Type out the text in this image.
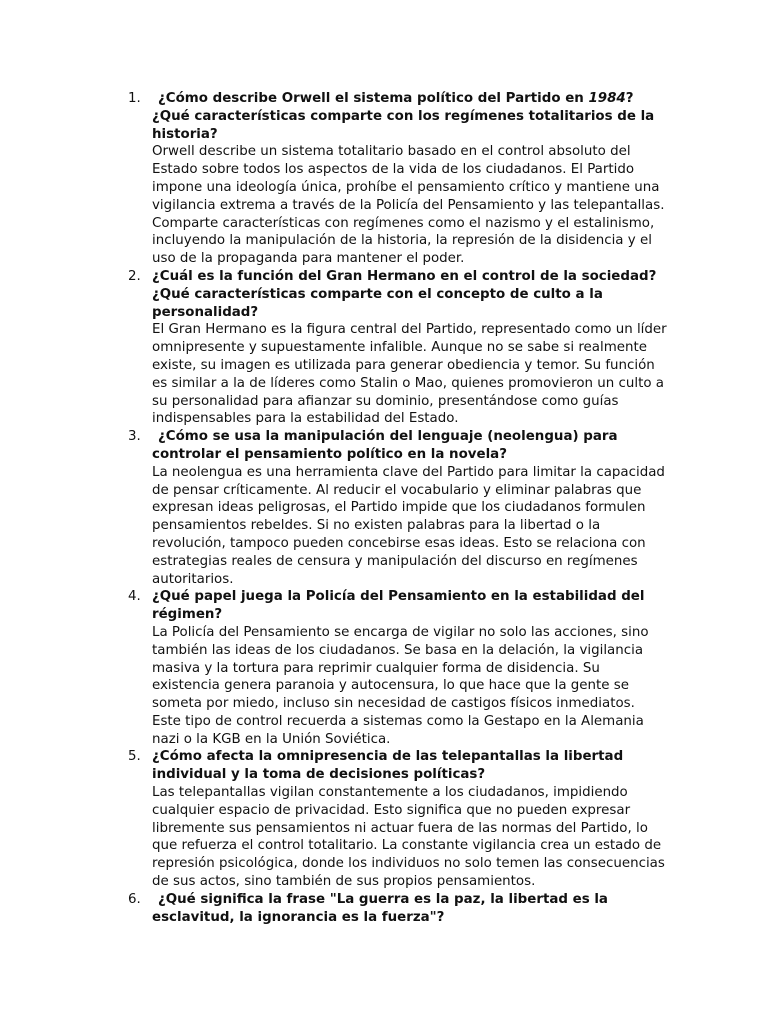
1.	¿Cómo describe Orwell el sistema político del Partido en 1984? ¿Qué características comparte con los regímenes totalitarios de la historia?
Orwell describe un sistema totalitario basado en el control absoluto del Estado sobre todos los aspectos de la vida de los ciudadanos. El Partido impone una ideología única, prohíbe el pensamiento crítico y mantiene una vigilancia extrema a través de la Policía del Pensamiento y las telepantallas. Comparte características con regímenes como el nazismo y el estalinismo, incluyendo la manipulación de la historia, la represión de la disidencia y el uso de la propaganda para mantener el poder.
2. ¿Cuál es la función del Gran Hermano en el control de la sociedad? ¿Qué características comparte con el concepto de culto a la personalidad?
El Gran Hermano es la figura central del Partido, representado como un líder omnipresente y supuestamente infalible. Aunque no se sabe si realmente existe, su imagen es utilizada para generar obediencia y temor. Su función es similar a la de líderes como Stalin o Mao, quienes promovieron un culto a su personalidad para afianzar su dominio, presentándose como guías indispensables para la estabilidad del Estado.
3.	¿Cómo se usa la manipulación del lenguaje (neolengua) para controlar el pensamiento político en la novela?
La neolengua es una herramienta clave del Partido para limitar la capacidad de pensar críticamente. Al reducir el vocabulario y eliminar palabras que expresan ideas peligrosas, el Partido impide que los ciudadanos formulen pensamientos rebeldes. Si no existen palabras para la libertad o la revolución, tampoco pueden concebirse esas ideas. Esto se relaciona con estrategias reales de censura y manipulación del discurso en regímenes autoritarios.
4. ¿Qué papel juega la Policía del Pensamiento en la estabilidad del régimen?
La Policía del Pensamiento se encarga de vigilar no solo las acciones, sino también las ideas de los ciudadanos. Se basa en la delación, la vigilancia masiva y la tortura para reprimir cualquier forma de disidencia. Su existencia genera paranoia y autocensura, lo que hace que la gente se someta por miedo, incluso sin necesidad de castigos físicos inmediatos. Este tipo de control recuerda a sistemas como la Gestapo en la Alemania nazi o la KGB en la Unión Soviética.
5. ¿Cómo afecta la omnipresencia de las telepantallas la libertad individual y la toma de decisiones políticas?
Las telepantallas vigilan constantemente a los ciudadanos, impidiendo cualquier espacio de privacidad. Esto significa que no pueden expresar libremente sus pensamientos ni actuar fuera de las normas del Partido, lo que refuerza el control totalitario. La constante vigilancia crea un estado de represión psicológica, donde los individuos no solo temen las consecuencias de sus actos, sino también de sus propios pensamientos.
6.	¿Qué significa la frase "La guerra es la paz, la libertad es la esclavitud, la ignorancia es la fuerza"?
